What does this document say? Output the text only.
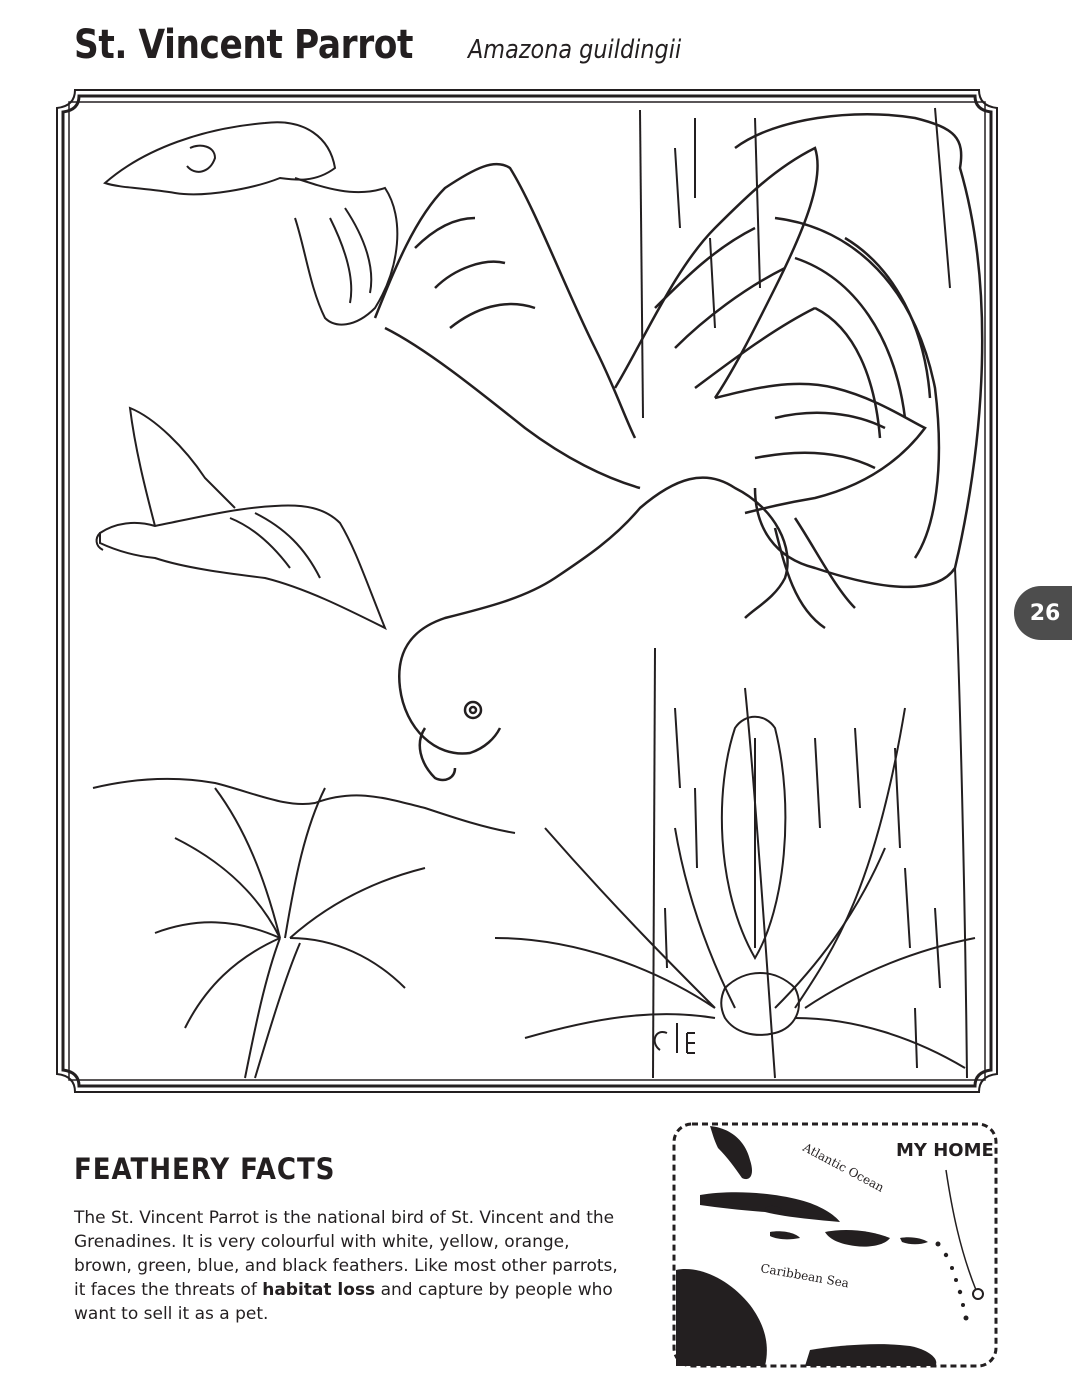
St. Vincent Parrot Amazona guildingii
26
FEATHERY FACTS
The St. Vincent Parrot is the national bird of St. Vincent and the Grenadines. It is very colourful with white, yellow, orange, brown, green, blue, and black feathers. Like most other parrots, it faces the threats of habitat loss and capture by people who want to sell it as a pet.
MY HOME
Atlantic Ocean
Caribbean Sea
